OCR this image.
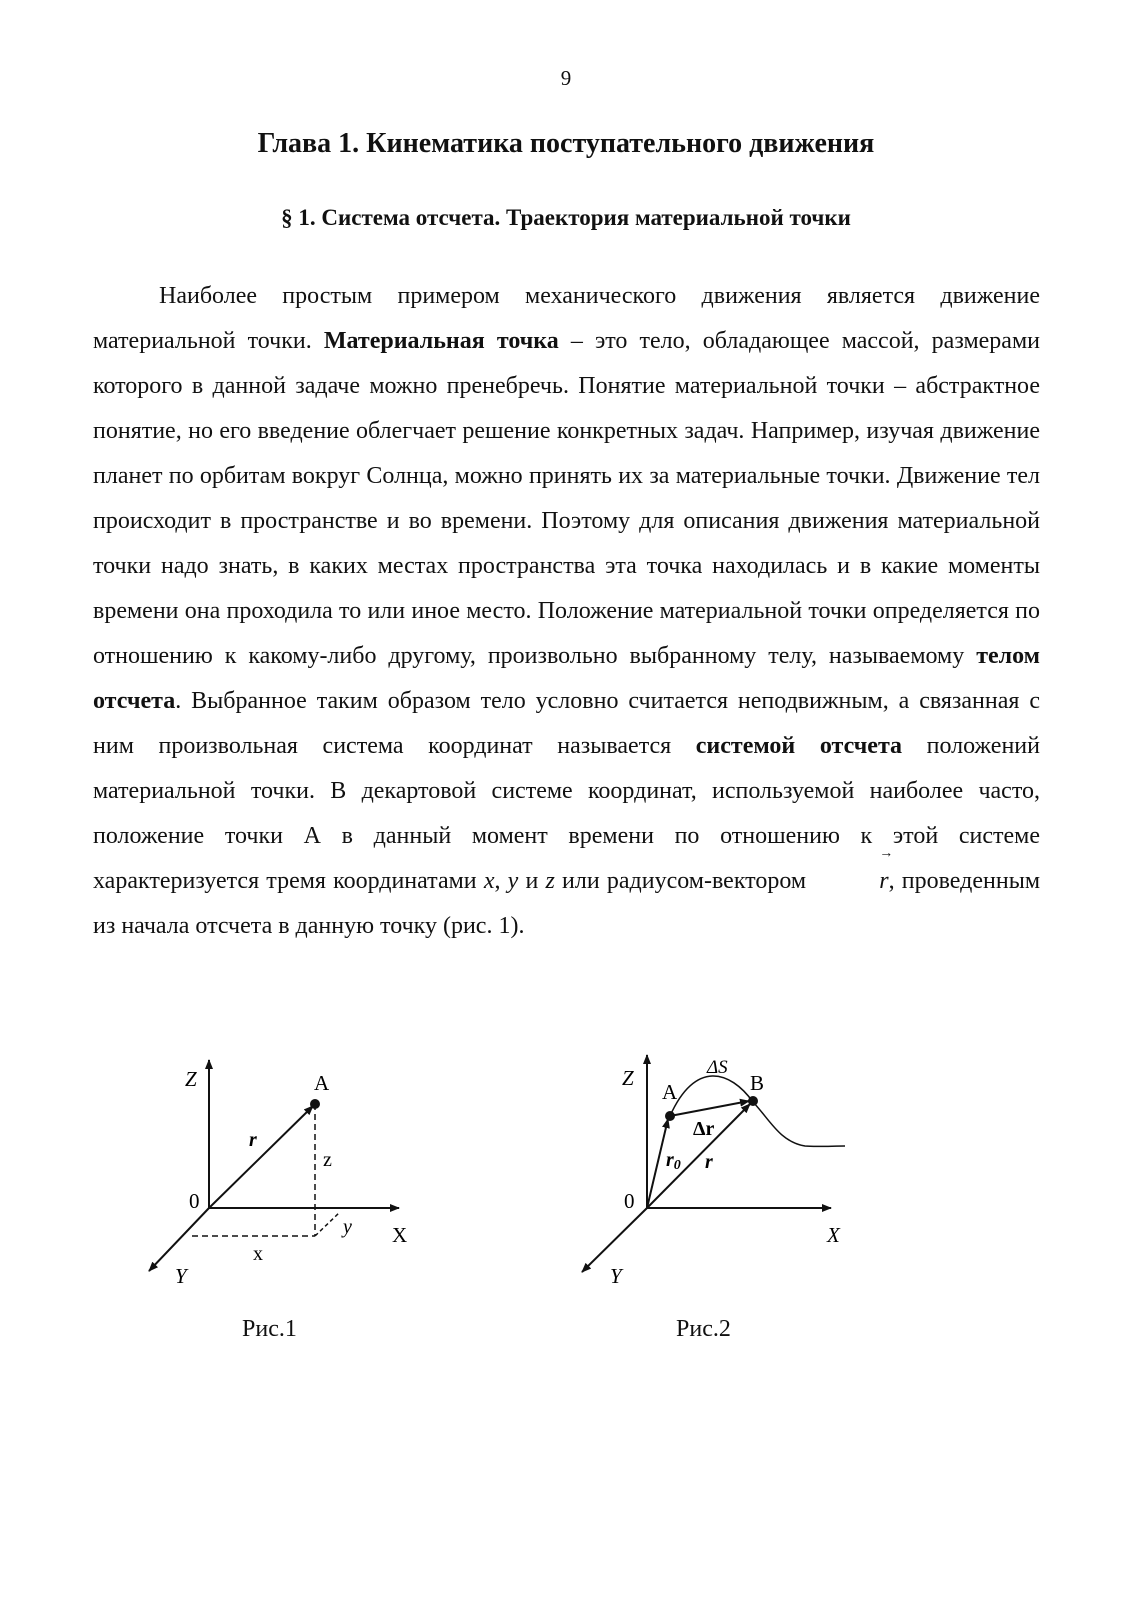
9
Глава 1. Кинематика поступательного движения
§ 1. Система отсчета. Траектория материальной точки

Наиболее простым примером механического движения является движение материальной точки. Материальная точка – это тело, обладающее массой, размерами которого в данной задаче можно пренебречь. Понятие материальной точки – абстрактное понятие, но его введение облегчает решение конкретных задач. Например, изучая движение планет по орбитам вокруг Солнца, можно принять их за материальные точки. Движение тел происходит в пространстве и во времени. Поэтому для описания движения материальной точки надо знать, в каких местах пространства эта точка находилась и в какие моменты времени она проходила то или иное место. Положение материальной точки определяется по отношению к какому-либо другому, произвольно выбранному телу, называемому телом отсчета. Выбранное таким образом тело условно считается неподвижным, а связанная с ним произвольная система координат называется системой отсчета положений материальной точки. В декартовой системе координат, используемой наиболее часто, положение точки А в данный момент времени по отношению к этой системе характеризуется тремя координатами x, y и z или радиусом-вектором	r
→
, проведенным из начала отсчета в данную точку (рис. 1).

Z
X
Y
0
A
r
z
y
x
Рис.1
Z
X
Y
0
A	B
ΔS
Δr
r0 r
Рис.2
